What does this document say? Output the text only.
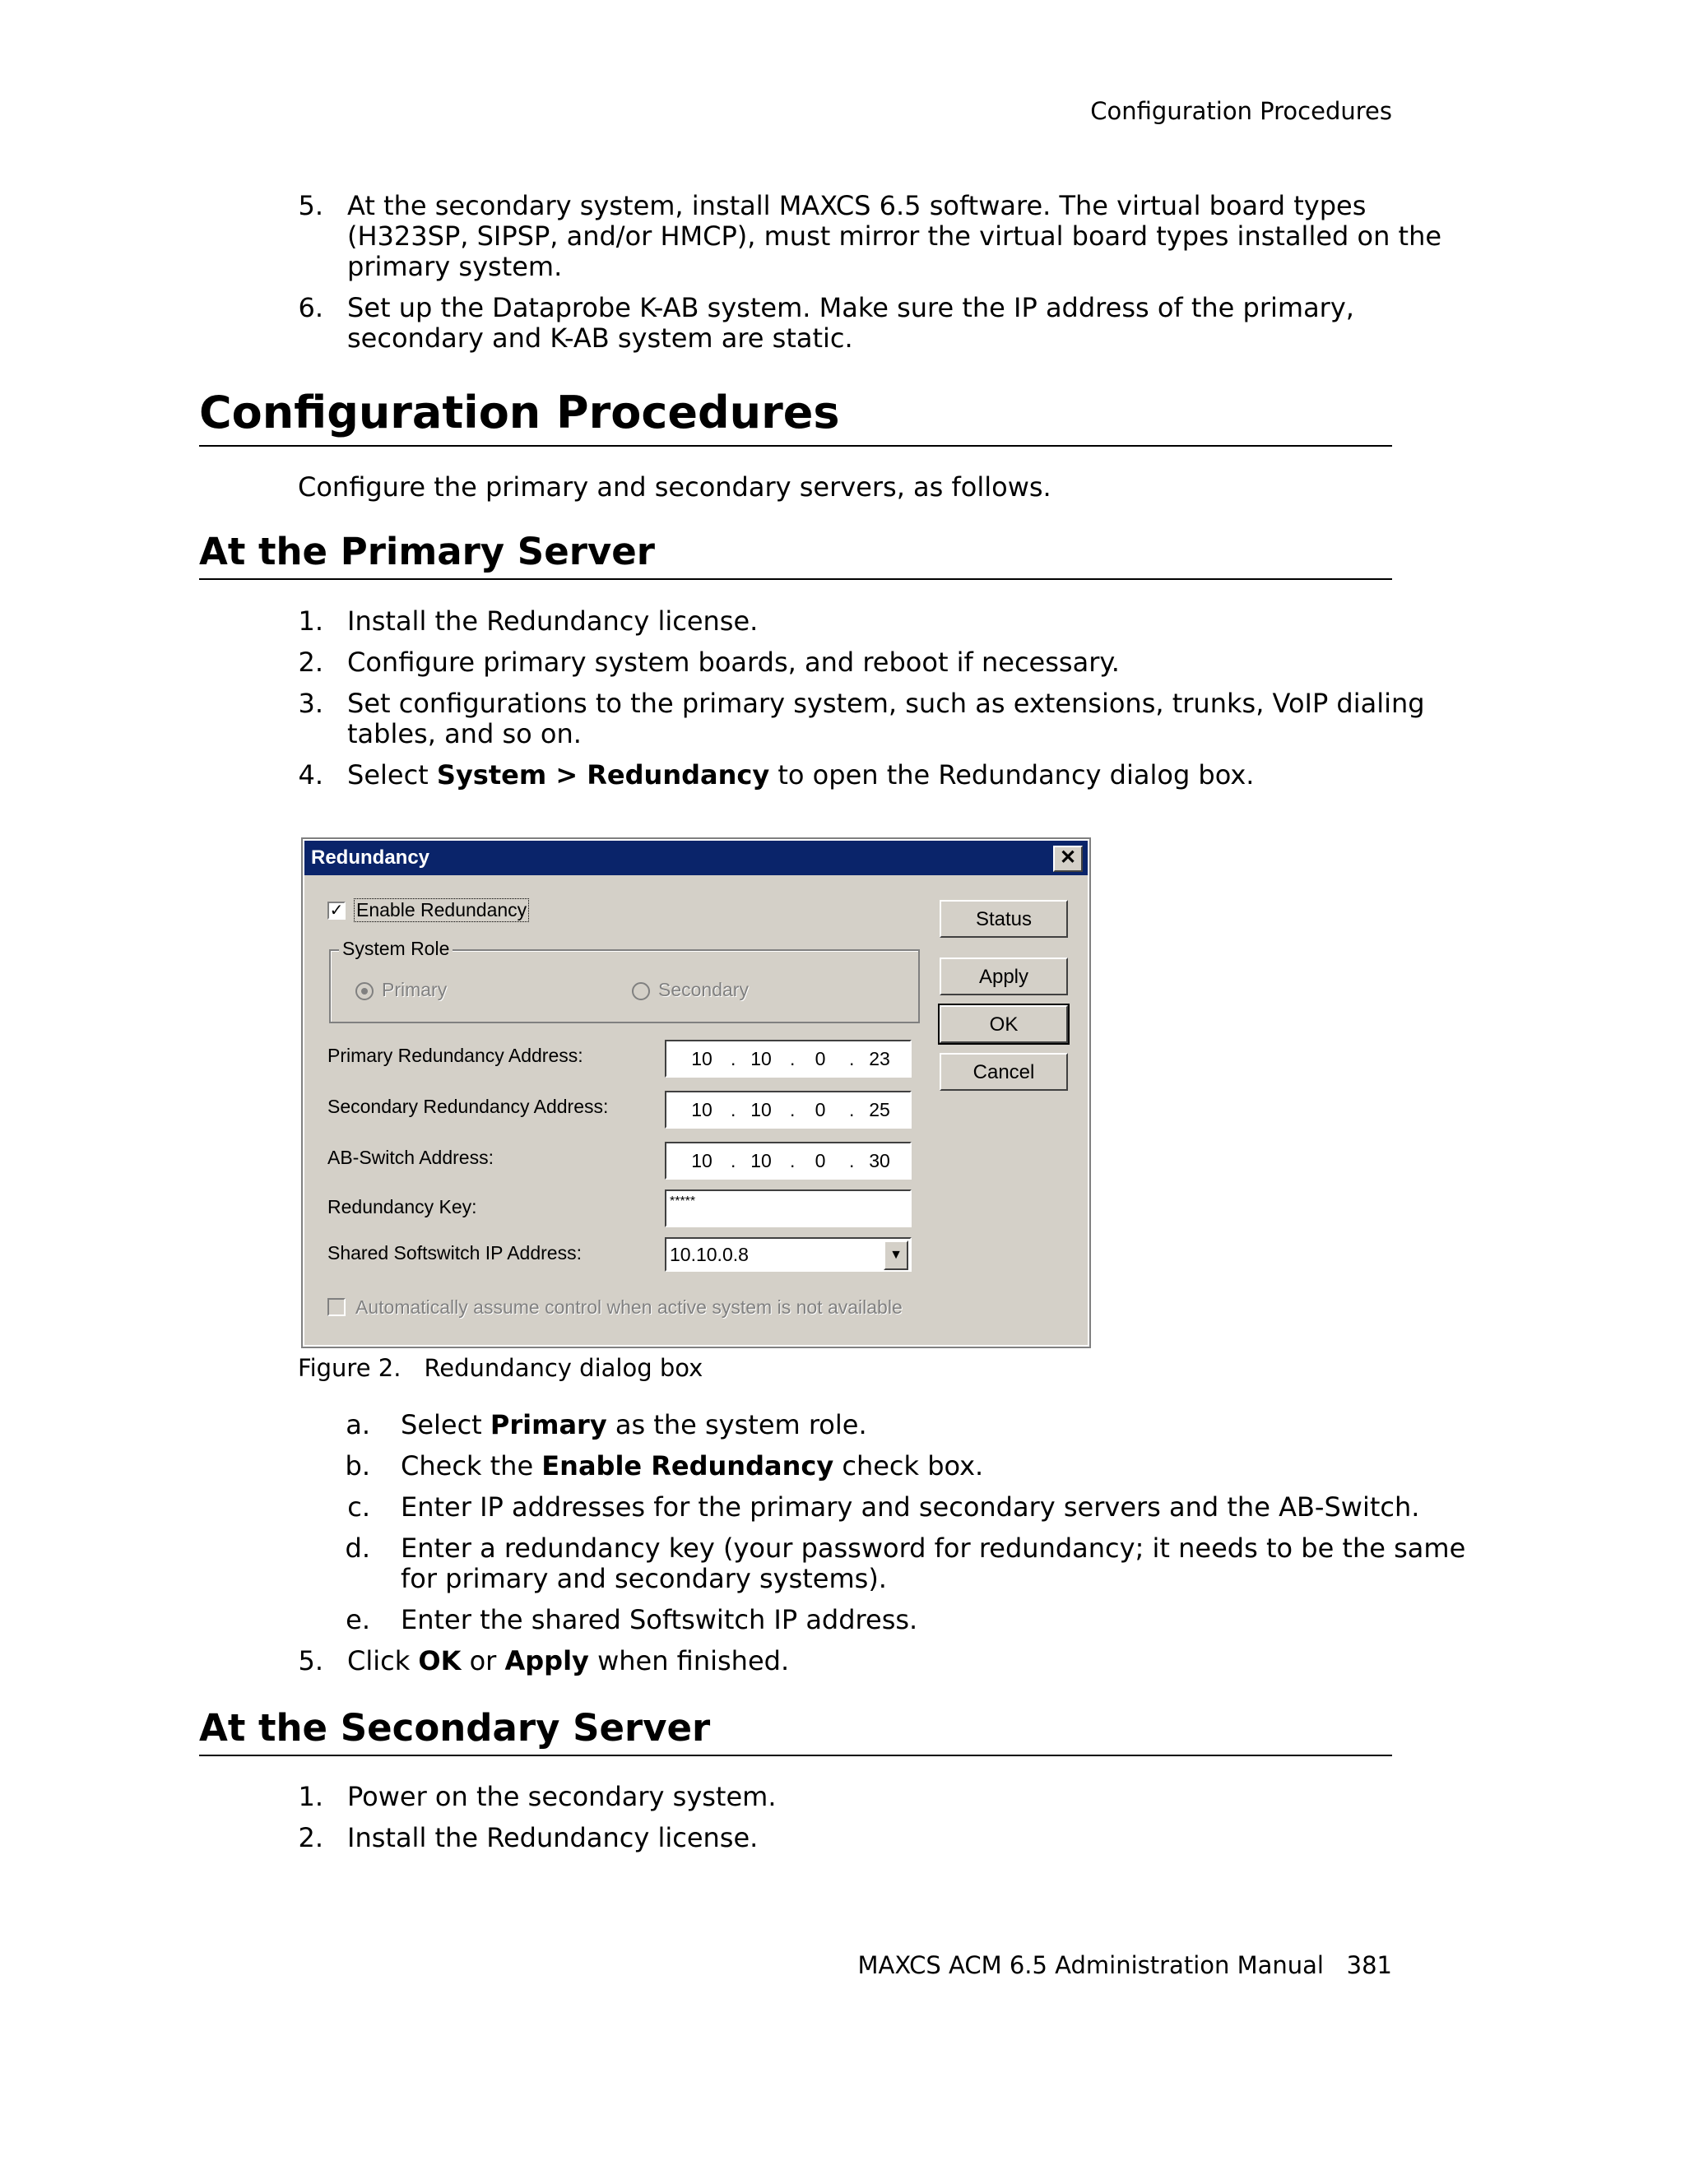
Configuration Procedures
5. At the secondary system, install MAXCS 6.5 software. The virtual board types
(H323SP, SIPSP, and/or HMCP), must mirror the virtual board types installed on the
primary system.
6. Set up the Dataprobe K-AB system. Make sure the IP address of the primary,
secondary and K-AB system are static.
Configuration Procedures
Configure the primary and secondary servers, as follows.
At the Primary Server
1. Install the Redundancy license.
2. Configure primary system boards, and reboot if necessary.
3. Set configurations to the primary system, such as extensions, trunks, VoIP dialing
tables, and so on.
4. Select System > Redundancy to open the Redundancy dialog box.
Redundancy	✕
✓ Enable Redundancy
System Role
Primary	Secondary
Primary Redundancy Address:	10 . 10 .	0	. 23
Secondary Redundancy Address:	10 . 10 .	0	. 25
AB-Switch Address:	10 . 10 .	0	. 30
Redundancy Key:	*****
Shared Softswitch IP Address:	10.10.0.8	▼
Automatically assume control when active system is not available
Status
Apply
OK
Cancel
Figure 2. Redundancy dialog box
a. Select Primary as the system role.
b. Check the Enable Redundancy check box.
c. Enter IP addresses for the primary and secondary servers and the AB-Switch.
d. Enter a redundancy key (your password for redundancy; it needs to be the same
for primary and secondary systems).
e. Enter the shared Softswitch IP address.
5. Click OK or Apply when finished.
At the Secondary Server
1. Power on the secondary system.
2. Install the Redundancy license.
MAXCS ACM 6.5 Administration Manual 381
